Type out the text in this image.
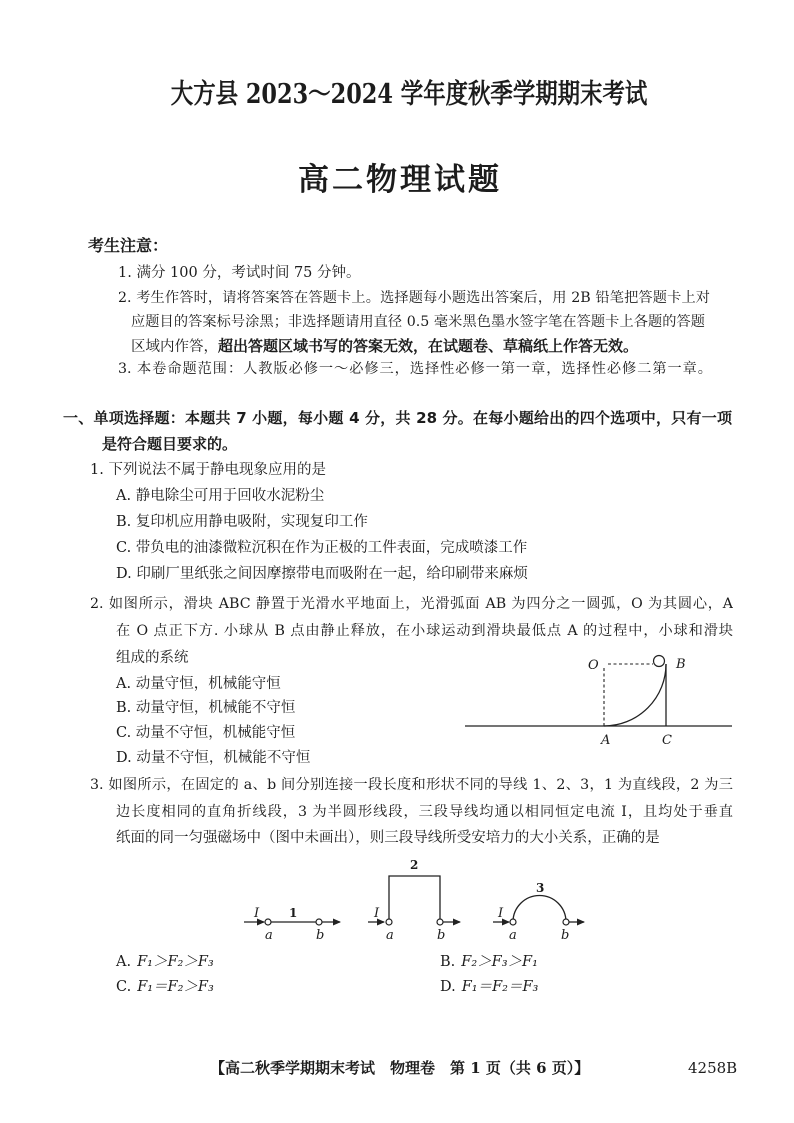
大方县 2023～2024 学年度秋季学期期末考试
高二物理试题
考生注意：
1. 满分 100 分，考试时间 75 分钟。
2. 考生作答时，请将答案答在答题卡上。选择题每小题选出答案后，用 2B 铅笔把答题卡上对
应题目的答案标号涂黑；非选择题请用直径 0.5 毫米黑色墨水签字笔在答题卡上各题的答题
区域内作答，超出答题区域书写的答案无效，在试题卷、草稿纸上作答无效。
3. 本卷命题范围：人教版必修一～必修三，选择性必修一第一章，选择性必修二第一章。
一、单项选择题：本题共 7 小题，每小题 4 分，共 28 分。在每小题给出的四个选项中，只有一项
是符合题目要求的。
1. 下列说法不属于静电现象应用的是
A. 静电除尘可用于回收水泥粉尘
B. 复印机应用静电吸附，实现复印工作
C. 带负电的油漆微粒沉积在作为正极的工件表面，完成喷漆工作
D. 印刷厂里纸张之间因摩擦带电而吸附在一起，给印刷带来麻烦
2. 如图所示，滑块 ABC 静置于光滑水平地面上，光滑弧面 AB 为四分之一圆弧，O 为其圆心，A
在 O 点正下方. 小球从 B 点由静止释放，在小球运动到滑块最低点 A 的过程中，小球和滑块
组成的系统
A. 动量守恒，机械能守恒
B. 动量守恒，机械能不守恒
C. 动量不守恒，机械能守恒
D. 动量不守恒，机械能不守恒
O	B
A	C
3. 如图所示，在固定的 a、b 间分别连接一段长度和形状不同的导线 1、2、3，1 为直线段，2 为三
边长度相同的直角折线段，3 为半圆形线段，三段导线均通以相同恒定电流 I，且均处于垂直
纸面的同一匀强磁场中（图中未画出），则三段导线所受安培力的大小关系，正确的是
I 1
a	b
I
2
a	b
I
3
a	b
A. F₁＞F₂＞F₃	B. F₂＞F₃＞F₁
C. F₁＝F₂＞F₃	D. F₁＝F₂＝F₃
【高二秋季学期期末考试　物理卷　第 1 页（共 6 页）】	4258B
